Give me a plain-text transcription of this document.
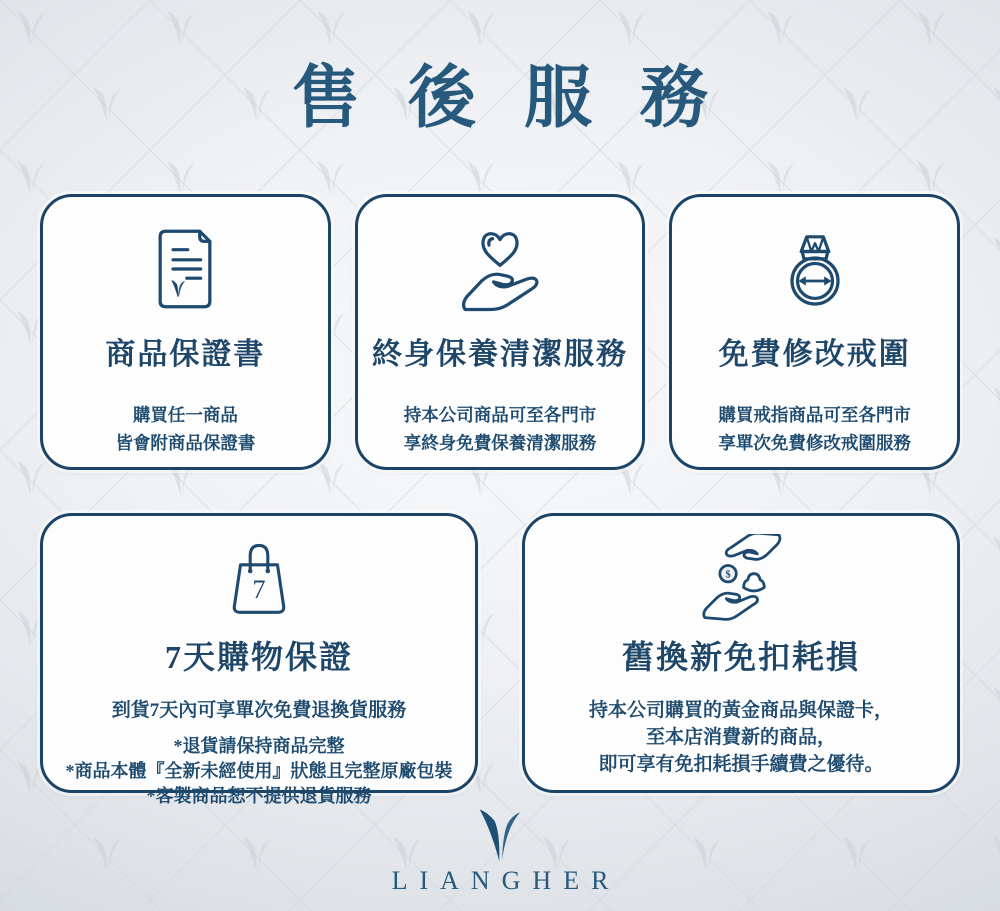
售後服務
商品保證書

購買任一商品

皆會附商品保證書

終身保養清潔服務

持本公司商品可至各門市

享終身免費保養清潔服務

免費修改戒圍

購買戒指商品可至各門市

享單次免費修改戒圍服務

7
7天購物保證

到貨7天內可享單次免費退換貨服務

*退貨請保持商品完整

*商品本體『全新未經使用』狀態且完整原廠包裝

*客製商品恕不提供退貨服務

$
舊換新免扣耗損

持本公司購買的黃金商品與保證卡，

至本店消費新的商品，

即可享有免扣耗損手續費之優待。

LIANGHER
